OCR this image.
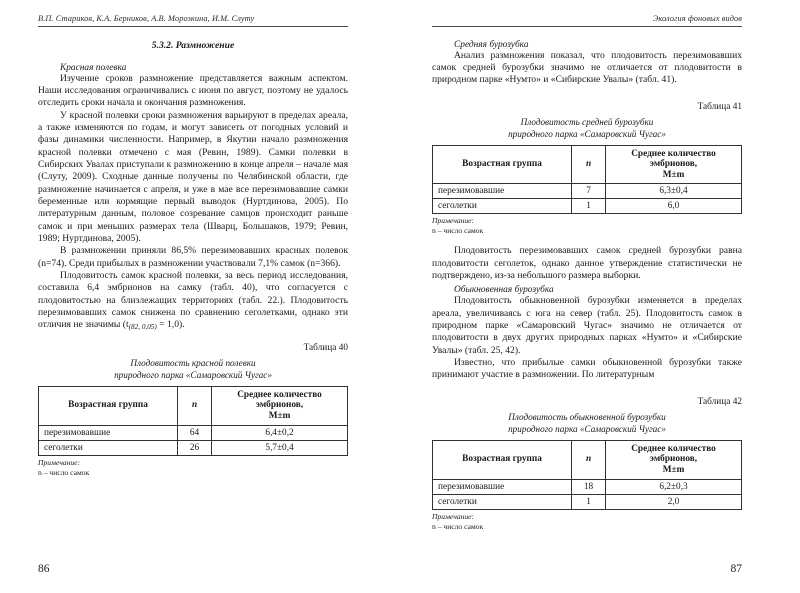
В.П. Стариков, К.А. Берников, А.В. Морозкина, И.М. Слуту
5.3.2. Размножение
Красная полевка

Изучение сроков размножение представляется важным аспектом. Наши исследования ограничивались с июня по август, поэтому не удалось отследить сроки начала и окончания размножения.

У красной полевки сроки размножения варьируют в пределах ареала, а также изменяются по годам, и могут зависеть от погодных условий и фазы динамики численности. Например, в Якутии начало размножения красной полевки отмечено с мая (Ревин, 1989). Самки полевки в Сибирских Увалах приступали к размножению в конце апреля – начале мая (Слуту, 2009). Сходные данные получены по Челябинской области, где размножение начинается с апреля, и уже в мае все перезимовавшие самки беременные или кормящие первый выводок (Нуртдинова, 2005). По литературным данным, половое созревание самцов происходит раньше самок и при меньших размерах тела (Шварц, Большаков, 1979; Ревин, 1989; Нуртдинова, 2005).

В размножении приняли 86,5% перезимовавших красных полевок (n=74). Среди прибылых в размножении участвовали 7,1% самок (n=366).

Плодовитость самок красной полевки, за весь период исследования, составила 6,4 эмбрионов на самку (табл. 40), что согласуется с плодовитостью на близлежащих территориях (табл. 22.). Плодовитость перезимовавших самок снижена по сравнению сеголетками, однако эти отличия не значимы $(t_{(82, 0,05)} = 1,0)$.

Таблица 40
Плодовитость красной полевки
природного парка «Самаровский Чугас»
Возрастная группа	n	Среднее количество эмбрионов,
M±m
перезимовавшие	64	6,4±0,2
сеголетки	26	5,7±0,4
Примечание:
n – число самок
86
Экология фоновых видов
Средняя бурозубка

Анализ размножения показал, что плодовитость перезимовавших самок средней бурозубки значимо не отличается от плодовитости в природном парке «Нумто» и «Сибирские Увалы» (табл. 41).

Таблица 41
Плодовитость средней бурозубки
природного парка «Самаровский Чугас»
Возрастная группа	n	Среднее количество эмбрионов,
M±m
перезимовавшие	7	6,3±0,4
сеголетки	1	6,0
Примечание:
n – число самок

Плодовитость перезимовавших самок средней бурозубки равна плодовитости сеголеток, однако данное утверждение статистически не подтверждено, из-за небольшого размера выборки.

Обыкновенная бурозубка

Плодовитость обыкновенной бурозубки изменяется в пределах ареала, увеличиваясь с юга на север (табл. 25). Плодовитость самок в природном парке «Самаровский Чугас» значимо не отличается от плодовитости в двух других природных парках «Нумто» и «Сибирские Увалы» (табл. 25, 42).

Известно, что прибылые самки обыкновенной бурозубки также принимают участие в размножении. По литературным

Таблица 42
Плодовитость обыкновенной бурозубки
природного парка «Самаровский Чугас»
Возрастная группа	n	Среднее количество эмбрионов,
M±m
перезимовавшие	18	6,2±0,3
сеголетки	1	2,0
Примечание:
n – число самок
87
